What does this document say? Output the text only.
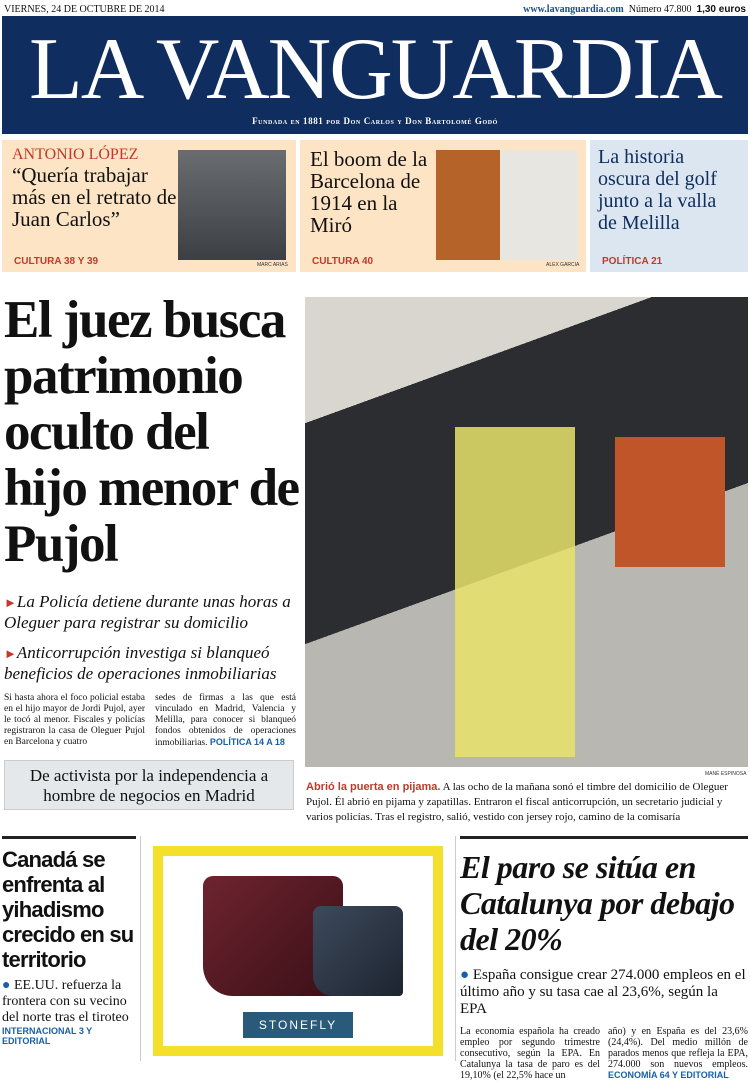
VIERNES, 24 DE OCTUBRE DE 2014	www.lavanguardia.com Número 47.800 1,30 euros
LA VANGUARDIA
Fundada en 1881 por Don Carlos y Don Bartolomé Godó
ANTONIO LÓPEZ
“Quería trabajar más en el retrato de Juan Carlos”
CULTURA 38 Y 39	MARC ARIAS
El boom de la Barcelona de 1914 en la Miró
CULTURA 40	ALEX GARCIA
La historia oscura del golf junto a la valla de Melilla
POLÍTICA 21
El juez busca patrimonio oculto del hijo menor de Pujol
►La Policía detiene durante unas horas a Oleguer para registrar su domicilio
►Anticorrupción investiga si blanqueó beneficios de operaciones inmobiliarias
Si hasta ahora el foco policial estaba en el hijo mayor de Jordi Pujol, ayer le tocó al menor. Fiscales y policías registraron la casa de Oleguer Pujol en Barcelona y cuatro
sedes de firmas a las que está vinculado en Madrid, Valencia y Melilla, para conocer si blanqueó fondos obtenidos de operaciones inmobiliarias. POLÍTICA 14 A 18
De activista por la independencia a hombre de negocios en Madrid
MANÉ ESPINOSA
Abrió la puerta en pijama. A las ocho de la mañana sonó el timbre del domicilio de Oleguer Pujol. Él abrió en pijama y zapatillas. Entraron el fiscal anticorrupción, un secretario judicial y varios policías. Tras el registro, salió, vestido con jersey rojo, camino de la comisaría
Canadá se enfrenta al yihadismo crecido en su territorio
● EE.UU. refuerza la frontera con su vecino del norte tras el tiroteo
INTERNACIONAL 3 Y EDITORIAL
STONEFLY
El paro se sitúa en Catalunya por debajo del 20%
● España consigue crear 274.000 empleos en el último año y su tasa cae al 23,6%, según la EPA
La economía española ha creado empleo por segundo trimestre consecutivo, según la EPA. En Catalunya la tasa de paro es del 19,10% (el 22,5% hace un
año) y en España es del 23,6% (24,4%). Del medio millón de parados menos que refleja la EPA, 274.000 son nuevos empleos. ECONOMÍA 64 Y EDITORIAL
